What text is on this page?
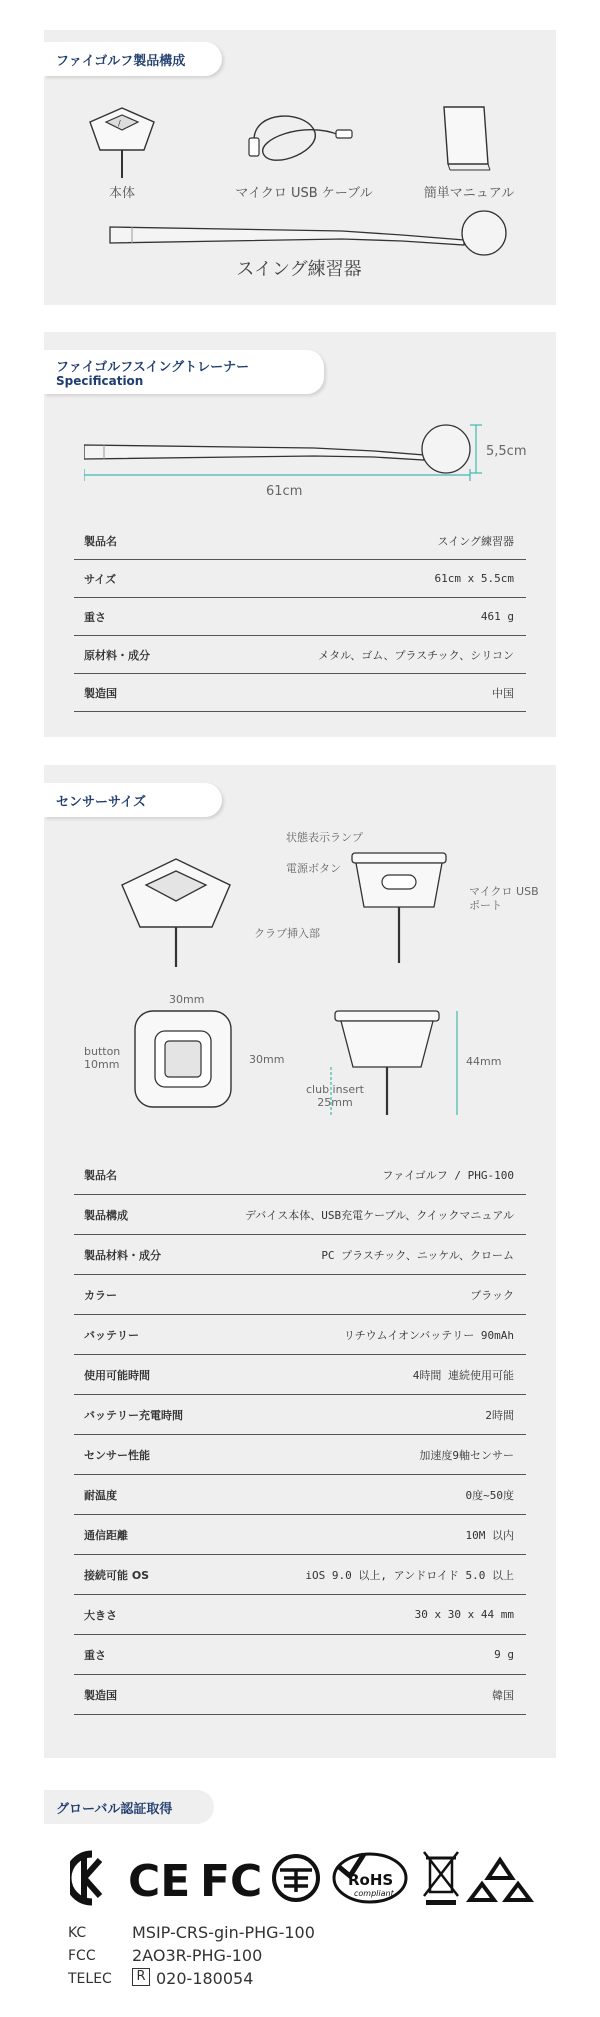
ファイゴルフ製品構成
/
本体	マイクロ USB ケーブル	簡単マニュアル
スイング練習器
ファイゴルフスイングトレーナー
Specification
5,5cm
61cm
製品名	スイング練習器
サイズ	61cm x 5.5cm
重さ	461 g
原材料・成分	メタル、ゴム、プラスチック、シリコン
製造国	中国
センサーサイズ
状態表示ランプ
電源ボタン
クラブ挿入部
マイクロ USB
ポート
30mm
30mm
button
10mm	44mm
club insert
25mm
製品名	ファイゴルフ / PHG-100
製品構成	デバイス本体、USB充電ケーブル、クイックマニュアル
製品材料・成分	PC プラスチック、ニッケル、クローム
カラー	ブラック
バッテリー	リチウムイオンバッテリー 90mAh
使用可能時間	4時間 連続使用可能
バッテリー充電時間	2時間
センサー性能	加速度9軸センサー
耐温度	0度~50度
通信距離	10M 以内
接続可能 OS	iOS 9.0 以上, アンドロイド 5.0 以上
大きさ	30 x 30 x 44 mm
重さ	9 g
製造国	韓国
グローバル認証取得
CE FC	RoHS
compliant
KC	MSIP-CRS-gin-PHG-100
FCC 2AO3R-PHG-100
TELEC	R 020-180054
